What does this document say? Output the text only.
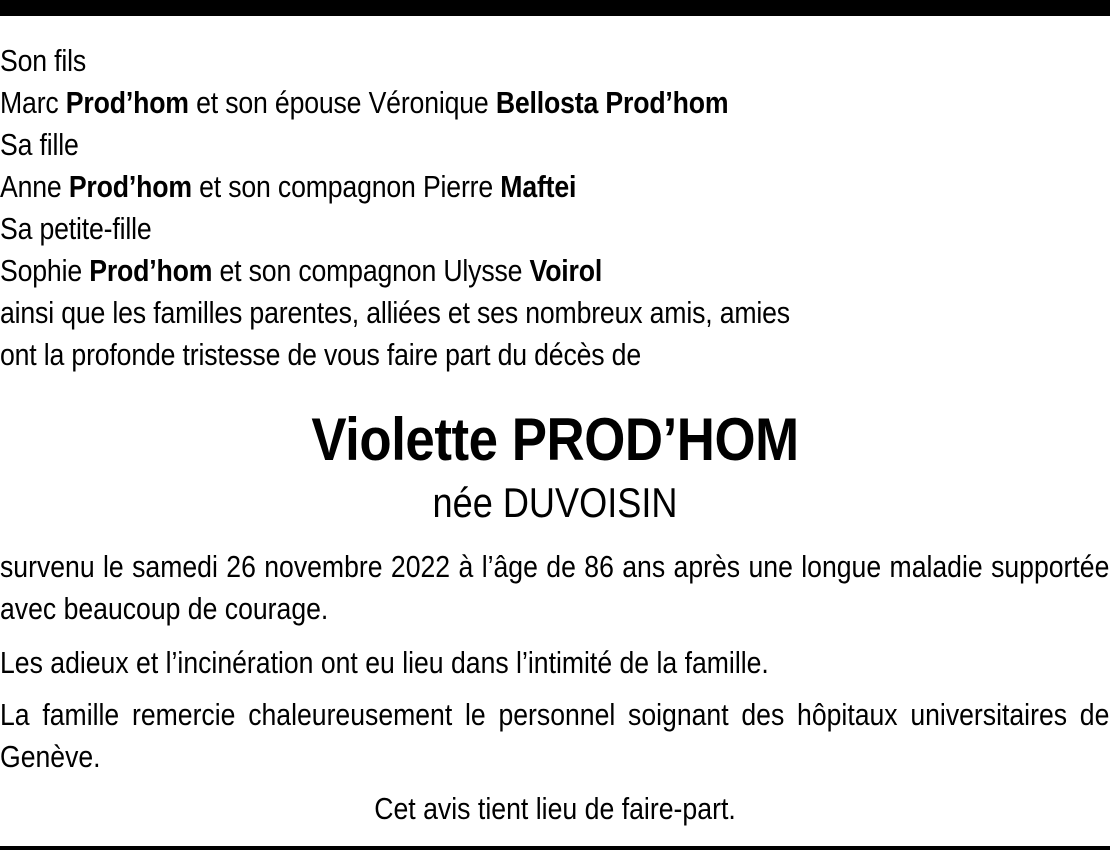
Son fils
Marc Prod’hom et son épouse Véronique Bellosta Prod’hom
Sa fille
Anne Prod’hom et son compagnon Pierre Maftei
Sa petite-fille
Sophie Prod’hom et son compagnon Ulysse Voirol
ainsi que les familles parentes, alliées et ses nombreux amis, amies
ont la profonde tristesse de vous faire part du décès de
Violette PROD’HOM
née DUVOISIN
survenu le samedi 26 novembre 2022 à l’âge de 86 ans après une longue maladie supportée avec beaucoup de courage.
Les adieux et l’incinération ont eu lieu dans l’intimité de la famille.
La famille remercie chaleureusement le personnel soignant des hôpitaux universitaires de Genève.
Cet avis tient lieu de faire-part.
